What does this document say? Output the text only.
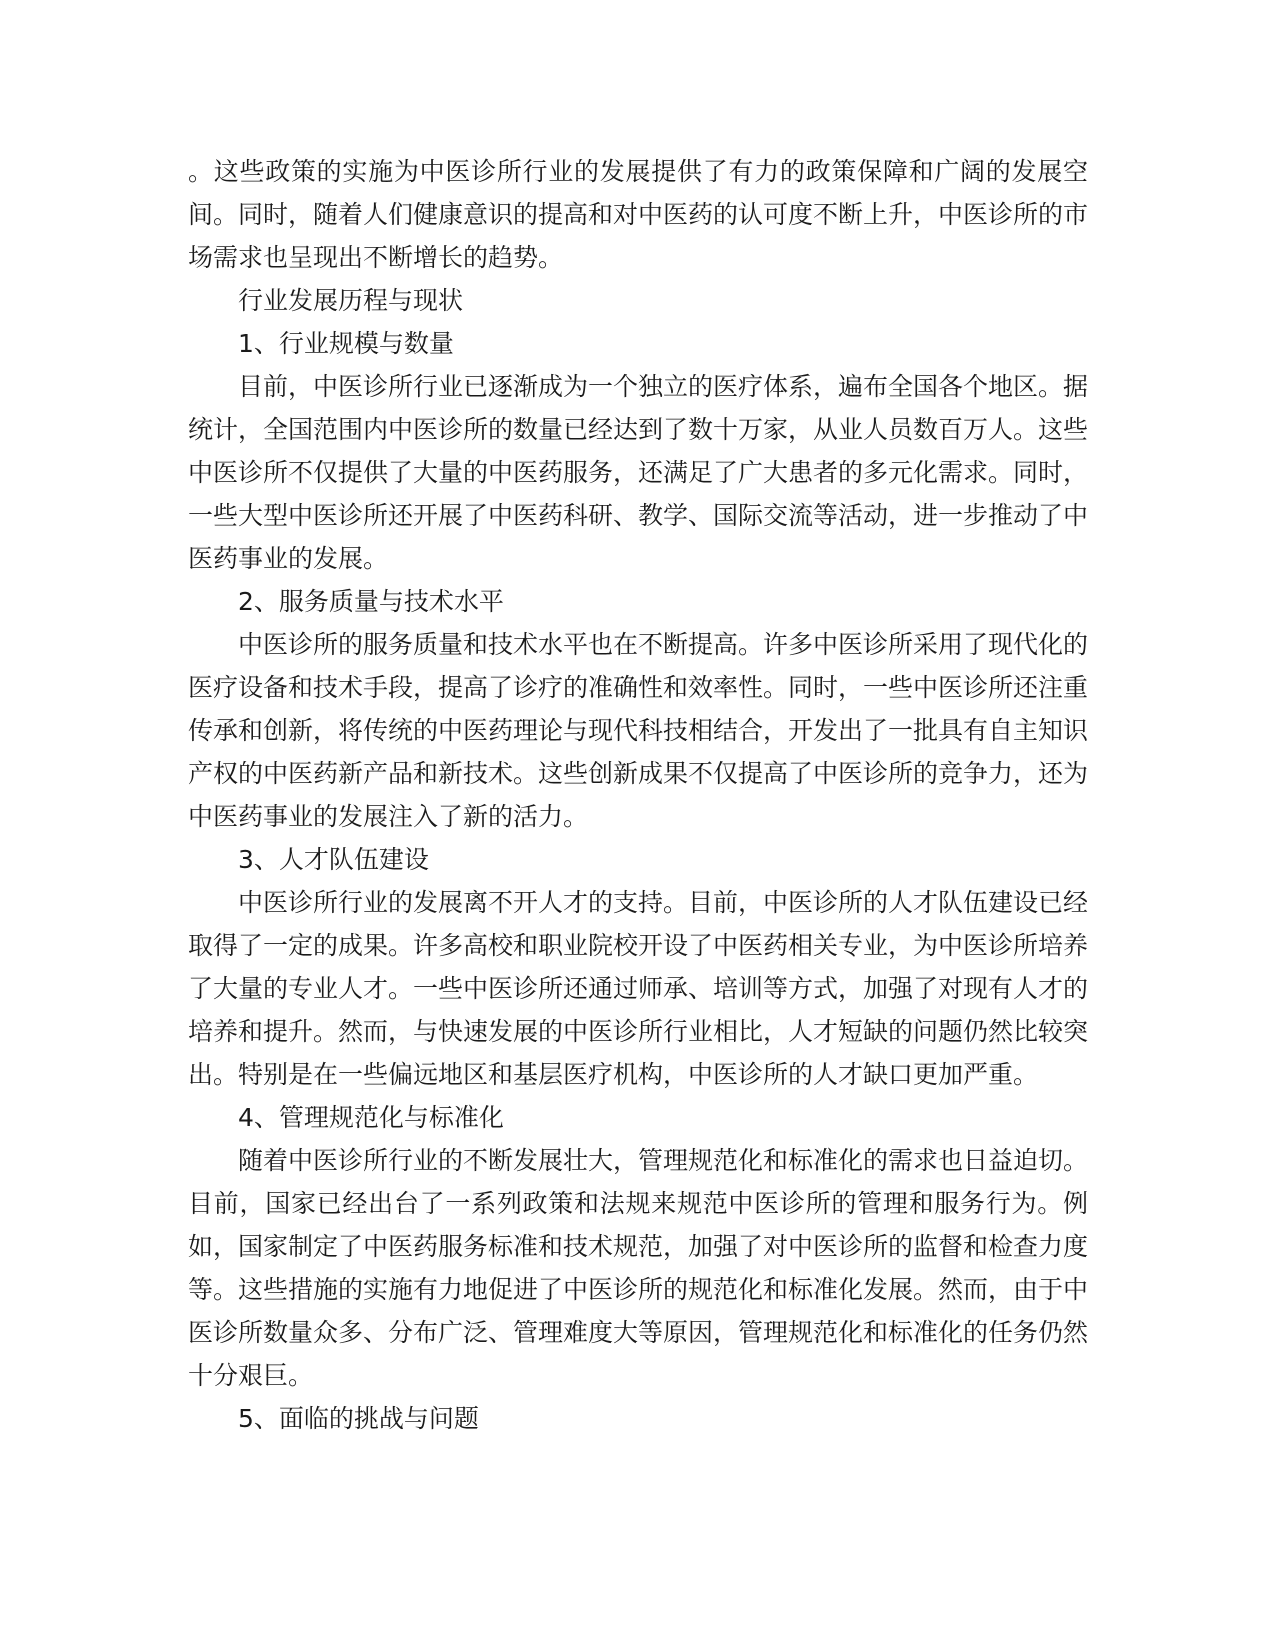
。这些政策的实施为中医诊所行业的发展提供了有力的政策保障和广阔的发展空间。同时，随着人们健康意识的提高和对中医药的认可度不断上升，中医诊所的市场需求也呈现出不断增长的趋势。

行业发展历程与现状

1、行业规模与数量

目前，中医诊所行业已逐渐成为一个独立的医疗体系，遍布全国各个地区。据统计，全国范围内中医诊所的数量已经达到了数十万家，从业人员数百万人。这些中医诊所不仅提供了大量的中医药服务，还满足了广大患者的多元化需求。同时，一些大型中医诊所还开展了中医药科研、教学、国际交流等活动，进一步推动了中医药事业的发展。

2、服务质量与技术水平

中医诊所的服务质量和技术水平也在不断提高。许多中医诊所采用了现代化的医疗设备和技术手段，提高了诊疗的准确性和效率性。同时，一些中医诊所还注重传承和创新，将传统的中医药理论与现代科技相结合，开发出了一批具有自主知识产权的中医药新产品和新技术。这些创新成果不仅提高了中医诊所的竞争力，还为中医药事业的发展注入了新的活力。

3、人才队伍建设

中医诊所行业的发展离不开人才的支持。目前，中医诊所的人才队伍建设已经取得了一定的成果。许多高校和职业院校开设了中医药相关专业，为中医诊所培养了大量的专业人才。一些中医诊所还通过师承、培训等方式，加强了对现有人才的培养和提升。然而，与快速发展的中医诊所行业相比，人才短缺的问题仍然比较突出。特别是在一些偏远地区和基层医疗机构，中医诊所的人才缺口更加严重。

4、管理规范化与标准化

随着中医诊所行业的不断发展壮大，管理规范化和标准化的需求也日益迫切。目前，国家已经出台了一系列政策和法规来规范中医诊所的管理和服务行为。例如，国家制定了中医药服务标准和技术规范，加强了对中医诊所的监督和检查力度等。这些措施的实施有力地促进了中医诊所的规范化和标准化发展。然而，由于中医诊所数量众多、分布广泛、管理难度大等原因，管理规范化和标准化的任务仍然十分艰巨。

5、面临的挑战与问题
